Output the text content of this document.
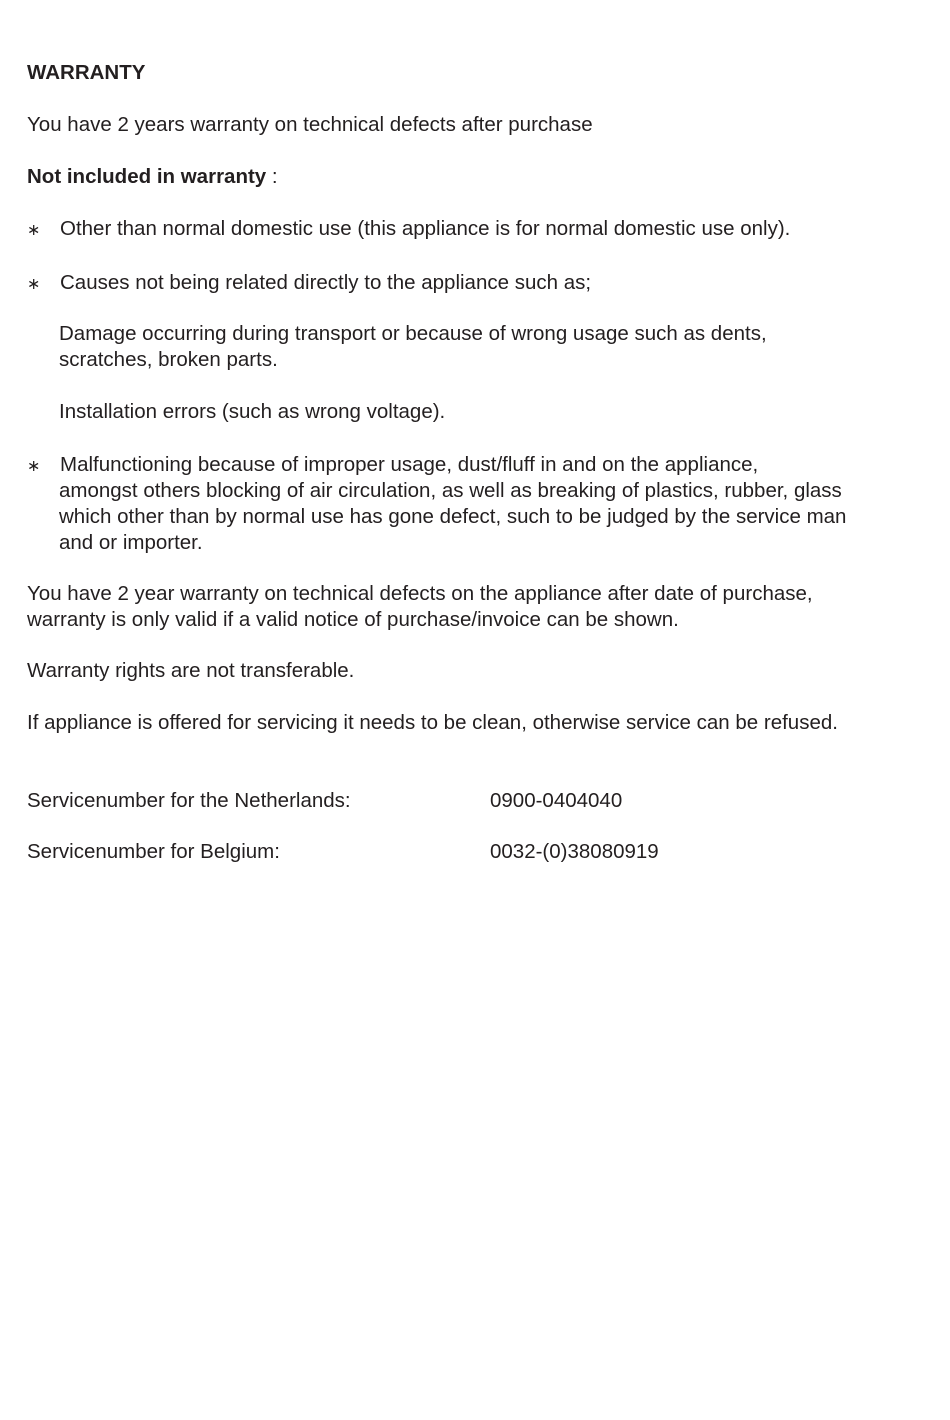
WARRANTY
You have 2 years warranty on technical defects after purchase
Not included in warranty :
∗ Other than normal domestic use (this appliance is for normal domestic use only).
∗ Causes not being related directly to the appliance such as;
Damage occurring during transport or because of wrong usage such as dents,
scratches, broken parts.
Installation errors (such as wrong voltage).
∗ Malfunctioning because of improper usage, dust/fluff in and on the appliance,
amongst others blocking of air circulation, as well as breaking of plastics, rubber, glass
which other than by normal use has gone defect, such to be judged by the service man
and or importer.
You have 2 year warranty on technical defects on the appliance after date of purchase,
warranty is only valid if a valid notice of purchase/invoice can be shown.
Warranty rights are not transferable.
If appliance is offered for servicing it needs to be clean, otherwise service can be refused.
Servicenumber for the Netherlands:	0900-0404040
Servicenumber for Belgium:	0032-(0)38080919
